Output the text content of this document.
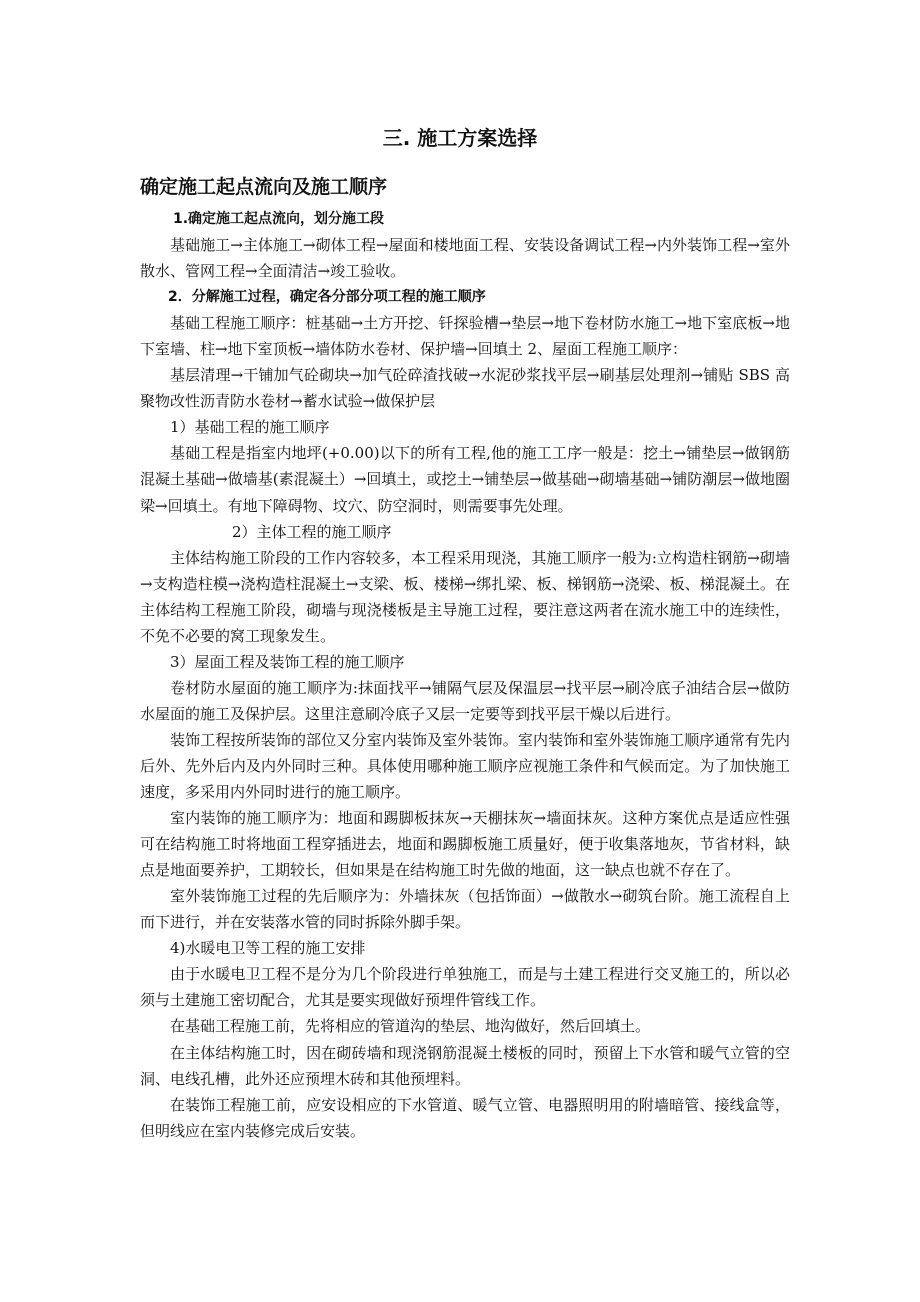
三. 施工方案选择
确定施工起点流向及施工顺序

1.确定施工起点流向，划分施工段

基础施工→主体施工→砌体工程→屋面和楼地面工程、安装设备调试工程→内外装饰工程→室外散水、管网工程→全面清洁→竣工验收。

2．分解施工过程，确定各分部分项工程的施工顺序

基础工程施工顺序：桩基础→土方开挖、钎探验槽→垫层→地下卷材防水施工→地下室底板→地下室墙、柱→地下室顶板→墙体防水卷材、保护墙→回填土 2、屋面工程施工顺序：

基层清理→干铺加气砼砌块→加气砼碎渣找破→水泥砂浆找平层→刷基层处理剂→铺贴 SBS 高聚物改性沥青防水卷材→蓄水试验→做保护层

1）基础工程的施工顺序

基础工程是指室内地坪(+0.00)以下的所有工程,他的施工工序一般是：挖土→铺垫层→做钢筋混凝土基础→做墙基(素混凝土）→回填土，或挖土→铺垫层→做基础→砌墙基础→铺防潮层→做地圈梁→回填土。有地下障碍物、坟穴、防空洞时，则需要事先处理。

2）主体工程的施工顺序

主体结构施工阶段的工作内容较多，本工程采用现浇，其施工顺序一般为:立构造柱钢筋→砌墙→支构造柱模→浇构造柱混凝土→支梁、板、楼梯→绑扎梁、板、梯钢筋→浇梁、板、梯混凝土。在主体结构工程施工阶段，砌墙与现浇楼板是主导施工过程，要注意这两者在流水施工中的连续性，不免不必要的窝工现象发生。

3）屋面工程及装饰工程的施工顺序

卷材防水屋面的施工顺序为:抹面找平→铺隔气层及保温层→找平层→刷冷底子油结合层→做防水屋面的施工及保护层。这里注意刷冷底子又层一定要等到找平层干燥以后进行。

装饰工程按所装饰的部位又分室内装饰及室外装饰。室内装饰和室外装饰施工顺序通常有先内后外、先外后内及内外同时三种。具体使用哪种施工顺序应视施工条件和气候而定。为了加快施工速度，多采用内外同时进行的施工顺序。

室内装饰的施工顺序为：地面和踢脚板抹灰→天棚抹灰→墙面抹灰。这种方案优点是适应性强可在结构施工时将地面工程穿插进去，地面和踢脚板施工质量好，便于收集落地灰，节省材料，缺点是地面要养护，工期较长，但如果是在结构施工时先做的地面，这一缺点也就不存在了。

室外装饰施工过程的先后顺序为：外墙抹灰（包括饰面）→做散水→砌筑台阶。施工流程自上而下进行，并在安装落水管的同时拆除外脚手架。

4)水暖电卫等工程的施工安排

由于水暖电卫工程不是分为几个阶段进行单独施工，而是与土建工程进行交叉施工的，所以必须与土建施工密切配合，尤其是要实现做好预埋件管线工作。

在基础工程施工前，先将相应的管道沟的垫层、地沟做好，然后回填土。

在主体结构施工时，因在砌砖墙和现浇钢筋混凝土楼板的同时，预留上下水管和暖气立管的空洞、电线孔槽，此外还应预埋木砖和其他预埋料。

在装饰工程施工前，应安设相应的下水管道、暖气立管、电器照明用的附墙暗管、接线盒等，但明线应在室内装修完成后安装。
